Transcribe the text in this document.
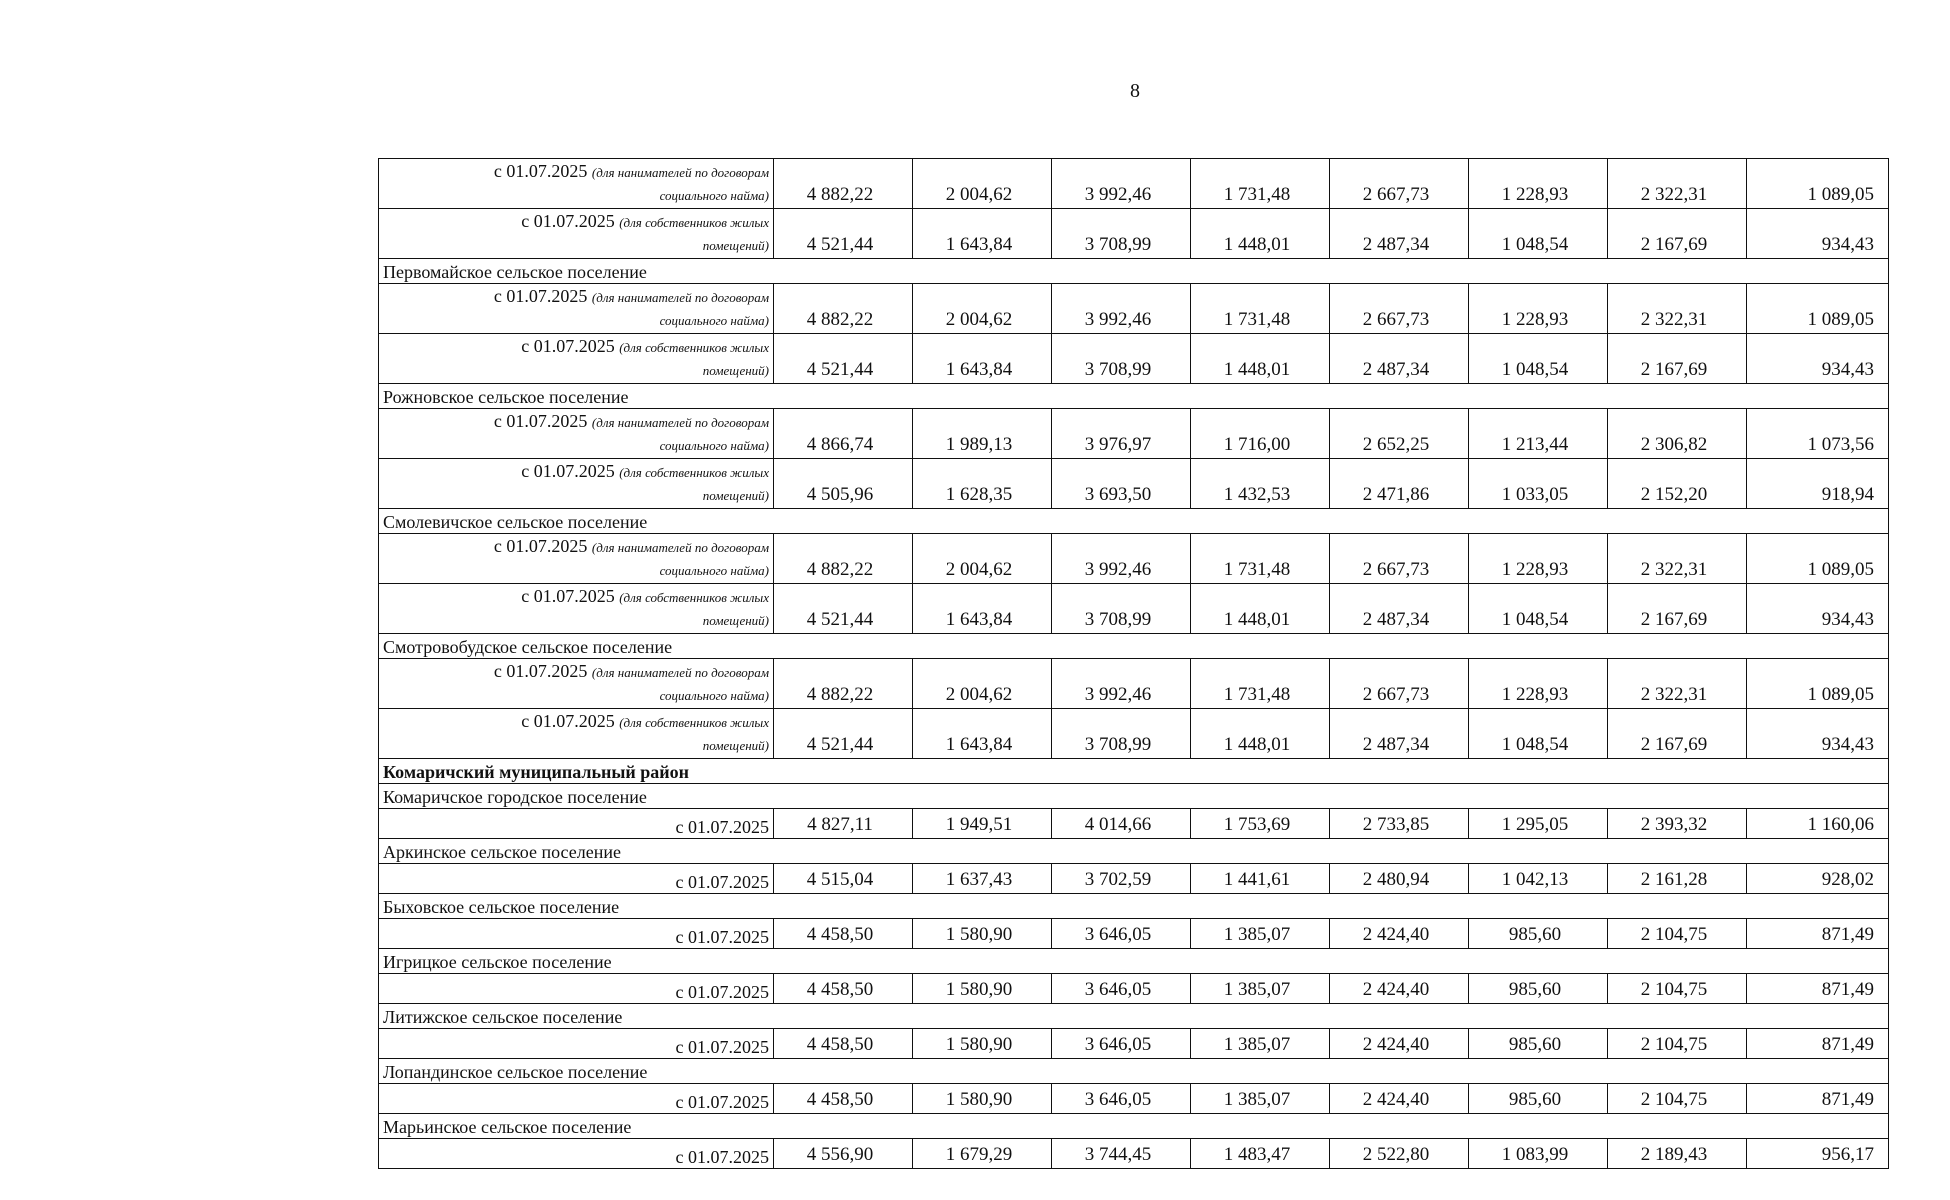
8
с 01.07.2025 (для нанимателей по договорам
социального найма)	4 882,22	2 004,62	3 992,46	1 731,48	2 667,73	1 228,93	2 322,31	1 089,05

с 01.07.2025 (для собственников жилых
помещений)	4 521,44	1 643,84	3 708,99	1 448,01	2 487,34	1 048,54	2 167,69	934,43
Первомайское сельское поселение								

с 01.07.2025 (для нанимателей по договорам
социального найма)	4 882,22	2 004,62	3 992,46	1 731,48	2 667,73	1 228,93	2 322,31	1 089,05

с 01.07.2025 (для собственников жилых
помещений)	4 521,44	1 643,84	3 708,99	1 448,01	2 487,34	1 048,54	2 167,69	934,43
Рожновское сельское поселение								

с 01.07.2025 (для нанимателей по договорам
социального найма)	4 866,74	1 989,13	3 976,97	1 716,00	2 652,25	1 213,44	2 306,82	1 073,56

с 01.07.2025 (для собственников жилых
помещений)	4 505,96	1 628,35	3 693,50	1 432,53	2 471,86	1 033,05	2 152,20	918,94
Смолевичское сельское поселение								

с 01.07.2025 (для нанимателей по договорам
социального найма)	4 882,22	2 004,62	3 992,46	1 731,48	2 667,73	1 228,93	2 322,31	1 089,05

с 01.07.2025 (для собственников жилых
помещений)	4 521,44	1 643,84	3 708,99	1 448,01	2 487,34	1 048,54	2 167,69	934,43
Смотровобудское сельское поселение								

с 01.07.2025 (для нанимателей по договорам
социального найма)	4 882,22	2 004,62	3 992,46	1 731,48	2 667,73	1 228,93	2 322,31	1 089,05

с 01.07.2025 (для собственников жилых
помещений)	4 521,44	1 643,84	3 708,99	1 448,01	2 487,34	1 048,54	2 167,69	934,43
Комаричский муниципальный район								
Комаричское городское поселение								
с 01.07.2025	4 827,11	1 949,51	4 014,66	1 753,69	2 733,85	1 295,05	2 393,32	1 160,06
Аркинское сельское поселение								
с 01.07.2025	4 515,04	1 637,43	3 702,59	1 441,61	2 480,94	1 042,13	2 161,28	928,02
Быховское сельское поселение								
с 01.07.2025	4 458,50	1 580,90	3 646,05	1 385,07	2 424,40	985,60	2 104,75	871,49
Игрицкое сельское поселение								
с 01.07.2025	4 458,50	1 580,90	3 646,05	1 385,07	2 424,40	985,60	2 104,75	871,49
Литижское сельское поселение								
с 01.07.2025	4 458,50	1 580,90	3 646,05	1 385,07	2 424,40	985,60	2 104,75	871,49
Лопандинское сельское поселение								
с 01.07.2025	4 458,50	1 580,90	3 646,05	1 385,07	2 424,40	985,60	2 104,75	871,49
Марьинское сельское поселение								
с 01.07.2025	4 556,90	1 679,29	3 744,45	1 483,47	2 522,80	1 083,99	2 189,43	956,17
